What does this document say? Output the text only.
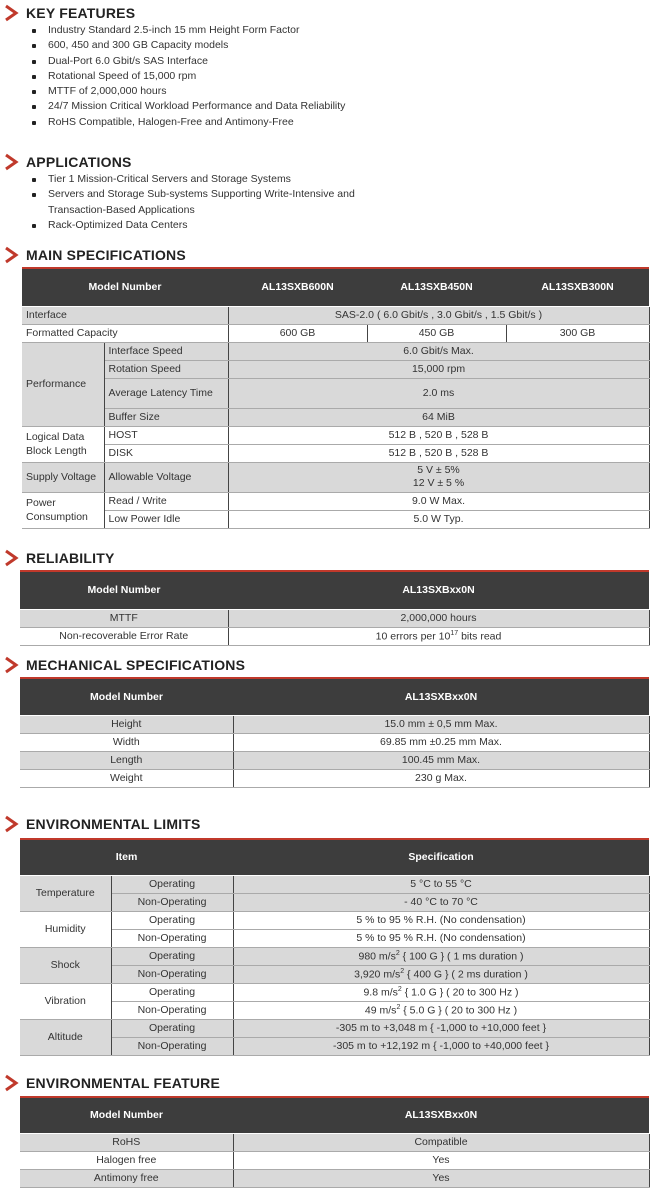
KEY FEATURES
Industry Standard 2.5-inch 15 mm Height Form Factor
600, 450 and 300 GB Capacity models
Dual-Port 6.0 Gbit/s SAS Interface
Rotational Speed of 15,000 rpm
MTTF of 2,000,000 hours
24/7 Mission Critical Workload Performance and Data Reliability
RoHS Compatible, Halogen-Free and Antimony-Free
APPLICATIONS
Tier 1 Mission-Critical Servers and Storage Systems
Servers and Storage Sub-systems Supporting Write-Intensive and
Transaction-Based Applications
Rack-Optimized Data Centers
MAIN SPECIFICATIONS
Model Number		AL13SXB600N	AL13SXB450N	AL13SXB300N
Interface		SAS-2.0 ( 6.0 Gbit/s , 3.0 Gbit/s , 1.5 Gbit/s )		
Formatted Capacity		600 GB	450 GB	300 GB
Performance	Interface Speed	6.0 Gbit/s Max.		
	Rotation Speed	15,000 rpm		
	Average Latency Time	2.0 ms		
	Buffer Size	64 MiB		
Logical Data Block Length	HOST	512 B , 520 B , 528 B		
	DISK	512 B , 520 B , 528 B		
Supply Voltage	Allowable Voltage	5 V ± 5%
12 V ± 5 %		

Power Consumption	Read / Write	9.0 W Max.		
	Low Power Idle	5.0 W Typ.		
RELIABILITY
Model Number	AL13SXBxx0N
MTTF	2,000,000 hours
Non-recoverable Error Rate	10 errors per $10^{17}$ bits read
MECHANICAL SPECIFICATIONS
Model Number	AL13SXBxx0N
Height	15.0 mm ± 0,5 mm Max.
Width	69.85 mm ±0.25 mm Max.
Length	100.45 mm Max.
Weight	230 g Max.
ENVIRONMENTAL LIMITS
Item		Specification
Temperature	Operating	5 °C to 55 °C
	Non-Operating	- 40 °C to 70 °C
Humidity	Operating	5 % to 95 % R.H. (No condensation)
	Non-Operating	5 % to 95 % R.H. (No condensation)
Shock	Operating	980 $m/s^2$ { 100 G } ( 1 ms duration )
	Non-Operating	3,920 $m/s^2$ { 400 G } ( 2 ms duration )
Vibration	Operating	9.8 $m/s^2$ { 1.0 G } ( 20 to 300 Hz )
	Non-Operating	49 $m/s^2$ { 5.0 G } ( 20 to 300 Hz )
Altitude	Operating	-305 m to +3,048 m { -1,000 to +10,000 feet }
	Non-Operating	-305 m to +12,192 m { -1,000 to +40,000 feet }
ENVIRONMENTAL FEATURE
Model Number	AL13SXBxx0N
RoHS	Compatible
Halogen free	Yes
Antimony free	Yes
